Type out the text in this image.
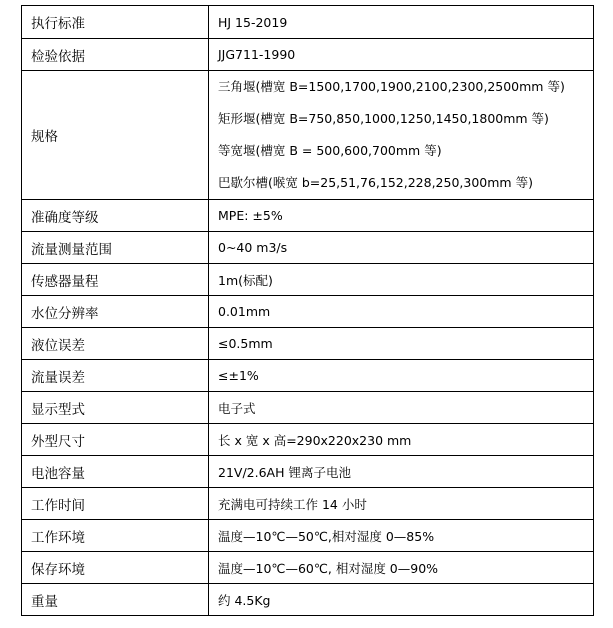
执行标准	HJ 15-2019
检验依据	JJG711-1990
规格	三角堰(槽宽 B=1500,1700,1900,2100,2300,2500mm 等)
矩形堰(槽宽 B=750,850,1000,1250,1450,1800mm 等)
等宽堰(槽宽 B = 500,600,700mm 等)
巴歇尔槽(喉宽 b=25,51,76,152,228,250,300mm 等)

准确度等级	MPE: ±5%
流量测量范围	0~40 m3/s
传感器量程	1m(标配)
水位分辨率	0.01mm
液位误差	≤0.5mm
流量误差	≤±1%
显示型式	电子式
外型尺寸	长 x 宽 x 高=290x220x230 mm
电池容量	21V/2.6AH 锂离子电池
工作时间	充满电可持续工作 14 小时
工作环境	温度—10℃—50℃,相对湿度 0—85%
保存环境	温度—10℃—60℃, 相对湿度 0—90%
重量	约 4.5Kg
